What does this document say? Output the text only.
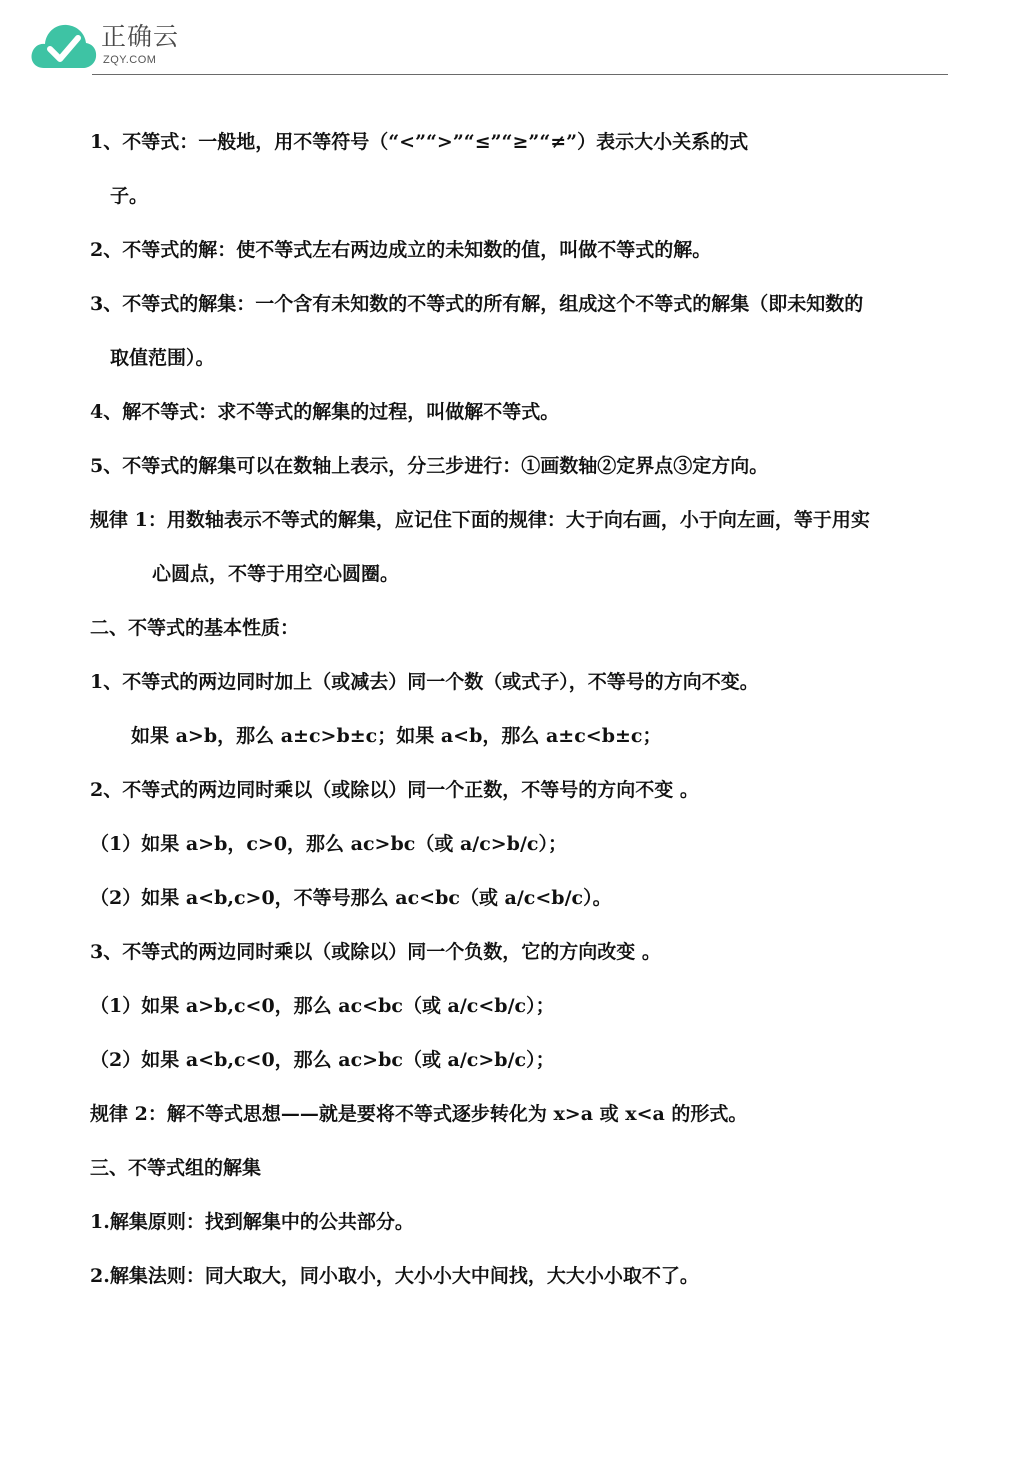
正确云
ZQY.COM
1、不等式：一般地，用不等符号（“<”“>”“≤”“≥”“≠”）表示大小关系的式
子。
2、不等式的解：使不等式左右两边成立的未知数的值，叫做不等式的解。
3、不等式的解集：一个含有未知数的不等式的所有解，组成这个不等式的解集（即未知数的
取值范围）。
4、解不等式：求不等式的解集的过程，叫做解不等式。
5、不等式的解集可以在数轴上表示，分三步进行：①画数轴②定界点③定方向。
规律 1：用数轴表示不等式的解集，应记住下面的规律：大于向右画，小于向左画，等于用实
心圆点，不等于用空心圆圈。
二、不等式的基本性质：
1、不等式的两边同时加上（或减去）同一个数（或式子），不等号的方向不变。
如果 a>b，那么 a±c>b±c；如果 a<b，那么 a±c<b±c；
2、不等式的两边同时乘以（或除以）同一个正数，不等号的方向不变 。
（1）如果 a>b，c>0，那么 ac>bc（或 a/c>b/c）；
（2）如果 a<b,c>0，不等号那么 ac<bc（或 a/c<b/c）。
3、不等式的两边同时乘以（或除以）同一个负数，它的方向改变 。
（1）如果 a>b,c<0，那么 ac<bc（或 a/c<b/c）；
（2）如果 a<b,c<0，那么 ac>bc（或 a/c>b/c）；
规律 2：解不等式思想——就是要将不等式逐步转化为 x>a 或 x<a 的形式。
三、不等式组的解集
1.解集原则：找到解集中的公共部分。
2.解集法则：同大取大，同小取小，大小小大中间找，大大小小取不了。
